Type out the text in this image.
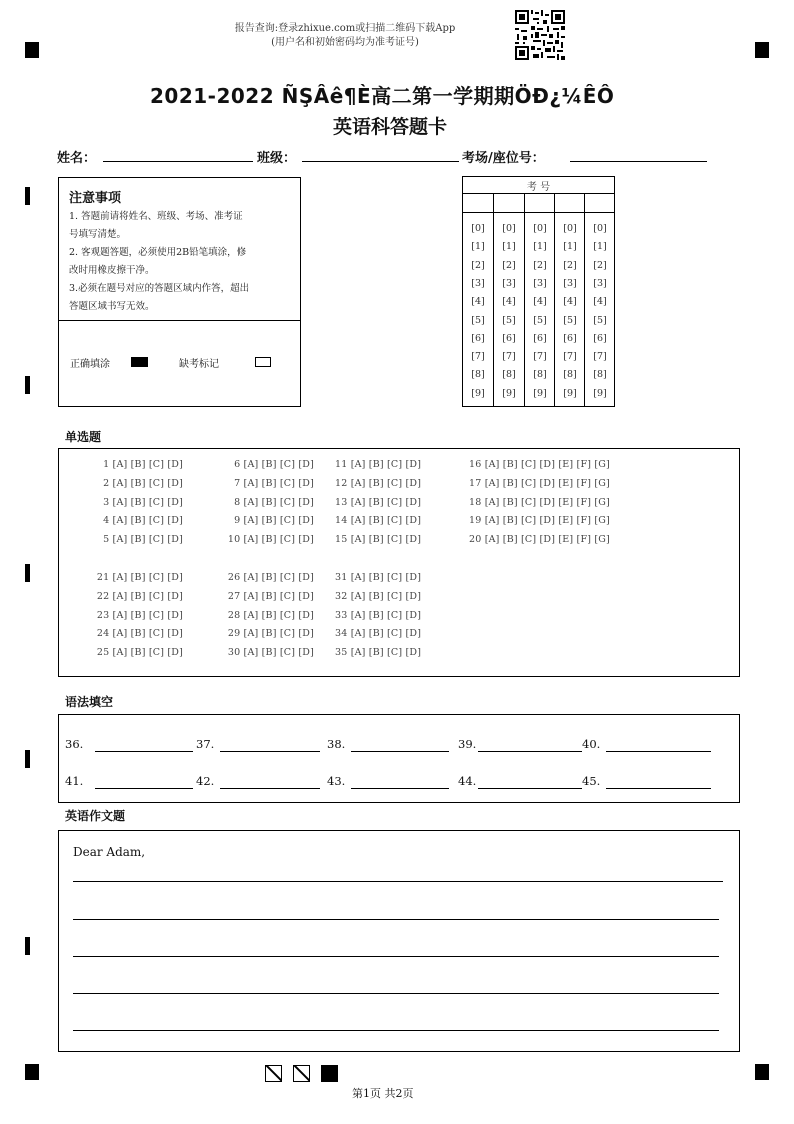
报告查询:登录zhixue.com或扫描二维码下载App
(用户名和初始密码均为准考证号)
2021-2022 ÑŞÂê¶È高二第一学期期ÖĐ¿¼ÊÔ
英语科答题卡
姓名：	班级：	考场/座位号：
注意事项
1. 答题前请将姓名、班级、考场、准考证
号填写清楚。
2. 客观题答题，必须使用2B铅笔填涂，修
改时用橡皮擦干净。
3.必须在题号对应的答题区域内作答，超出
答题区域书写无效。
正确填涂	缺考标记
考 号
[0]	[0]	[0]	[0]	[0]
[1]	[1]	[1]	[1]	[1]
[2]	[2]	[2]	[2]	[2]
[3]	[3]	[3]	[3]	[3]
[4]	[4]	[4]	[4]	[4]
[5]	[5]	[5]	[5]	[5]
[6]	[6]	[6]	[6]	[6]
[7]	[7]	[7]	[7]	[7]
[8]	[8]	[8]	[8]	[8]
[9]	[9]	[9]	[9]	[9]
单选题
1 [A] [B] [C] [D]
2 [A] [B] [C] [D]
3 [A] [B] [C] [D]
4 [A] [B] [C] [D]
5 [A] [B] [C] [D]
6 [A] [B] [C] [D]
7 [A] [B] [C] [D]
8 [A] [B] [C] [D]
9 [A] [B] [C] [D]
10 [A] [B] [C] [D]
11 [A] [B] [C] [D]
12 [A] [B] [C] [D]
13 [A] [B] [C] [D]
14 [A] [B] [C] [D]
15 [A] [B] [C] [D]
16 [A] [B] [C] [D] [E] [F] [G]
17 [A] [B] [C] [D] [E] [F] [G]
18 [A] [B] [C] [D] [E] [F] [G]
19 [A] [B] [C] [D] [E] [F] [G]
20 [A] [B] [C] [D] [E] [F] [G]
21 [A] [B] [C] [D]
22 [A] [B] [C] [D]
23 [A] [B] [C] [D]
24 [A] [B] [C] [D]
25 [A] [B] [C] [D]
26 [A] [B] [C] [D]
27 [A] [B] [C] [D]
28 [A] [B] [C] [D]
29 [A] [B] [C] [D]
30 [A] [B] [C] [D]
31 [A] [B] [C] [D]
32 [A] [B] [C] [D]
33 [A] [B] [C] [D]
34 [A] [B] [C] [D]
35 [A] [B] [C] [D]
语法填空
36.	37.	38.	39.	40.
41.	42.	43.	44.	45.
英语作文题
Dear Adam,
第1页 共2页
